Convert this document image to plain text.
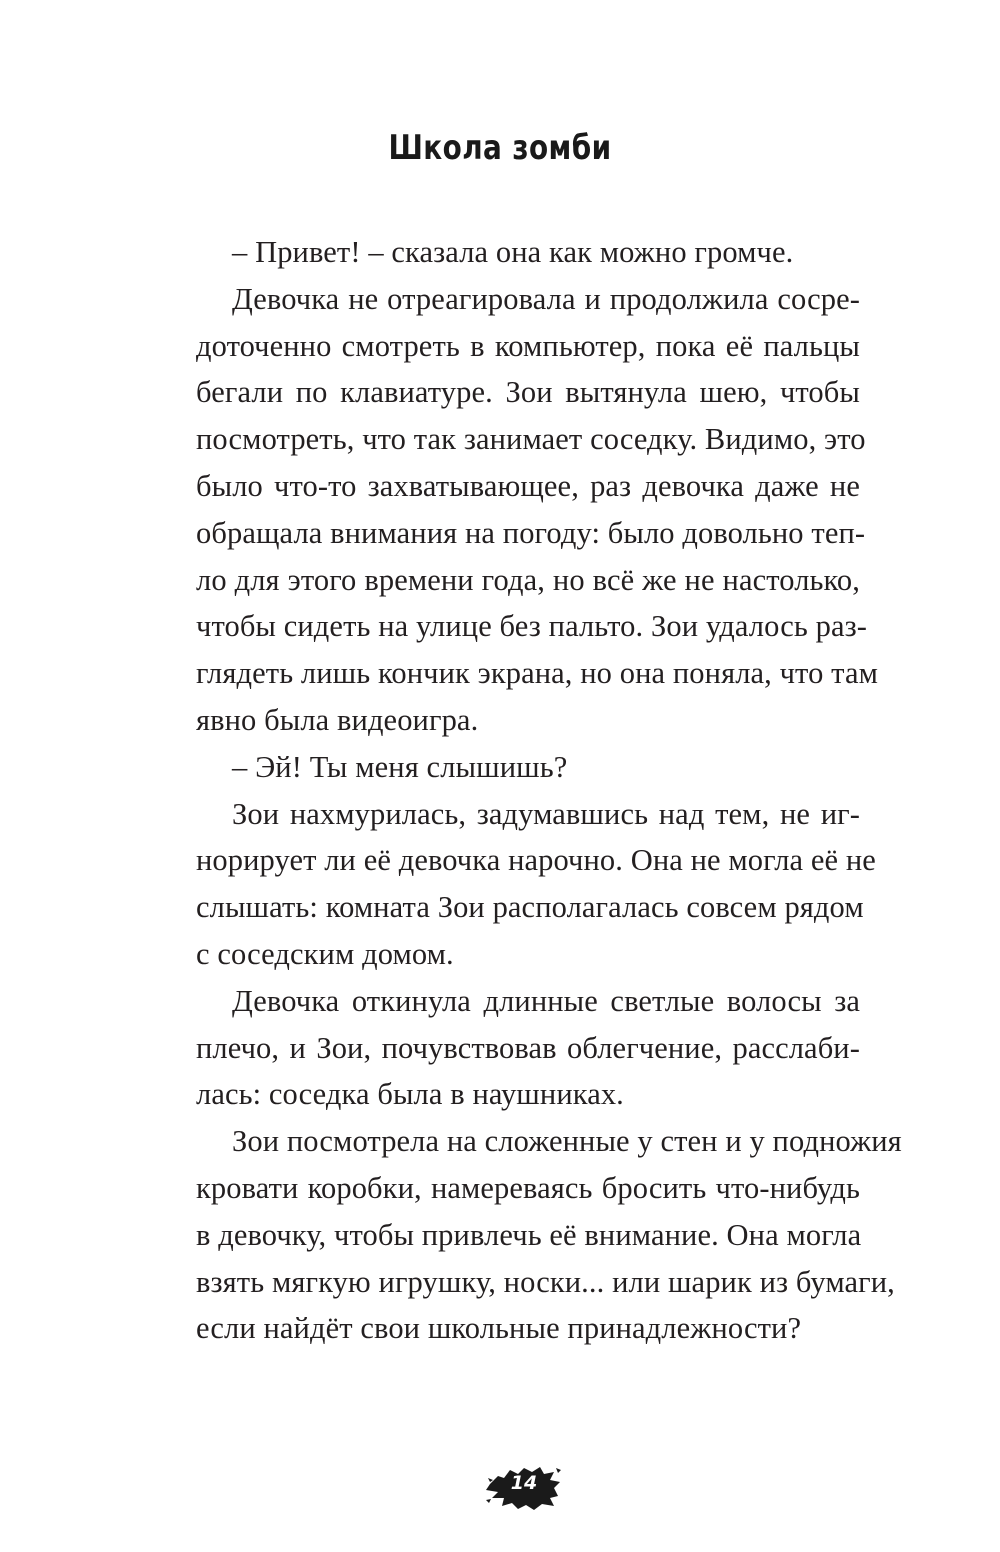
Школа зомби
– Привет! – сказала она как можно громче.
Девочка не отреагировала и продолжила сосре-
доточенно смотреть в компьютер, пока её пальцы
бегали по клавиатуре. Зои вытянула шею, чтобы
посмотреть, что так занимает соседку. Видимо, это
было что-то захватывающее, раз девочка даже не
обращала внимания на погоду: было довольно теп-
ло для этого времени года, но всё же не настолько,
чтобы сидеть на улице без пальто. Зои удалось раз-
глядеть лишь кончик экрана, но она поняла, что там
явно была видеоигра.
– Эй! Ты меня слышишь?
Зои нахмурилась, задумавшись над тем, не иг-
норирует ли её девочка нарочно. Она не могла её не
слышать: комната Зои располагалась совсем рядом
с соседским домом.
Девочка откинула длинные светлые волосы за
плечо, и Зои, почувствовав облегчение, расслаби-
лась: соседка была в наушниках.
Зои посмотрела на сложенные у стен и у подножия
кровати коробки, намереваясь бросить что-нибудь
в девочку, чтобы привлечь её внимание. Она могла
взять мягкую игрушку, носки... или шарик из бумаги,
если найдёт свои школьные принадлежности?
14
